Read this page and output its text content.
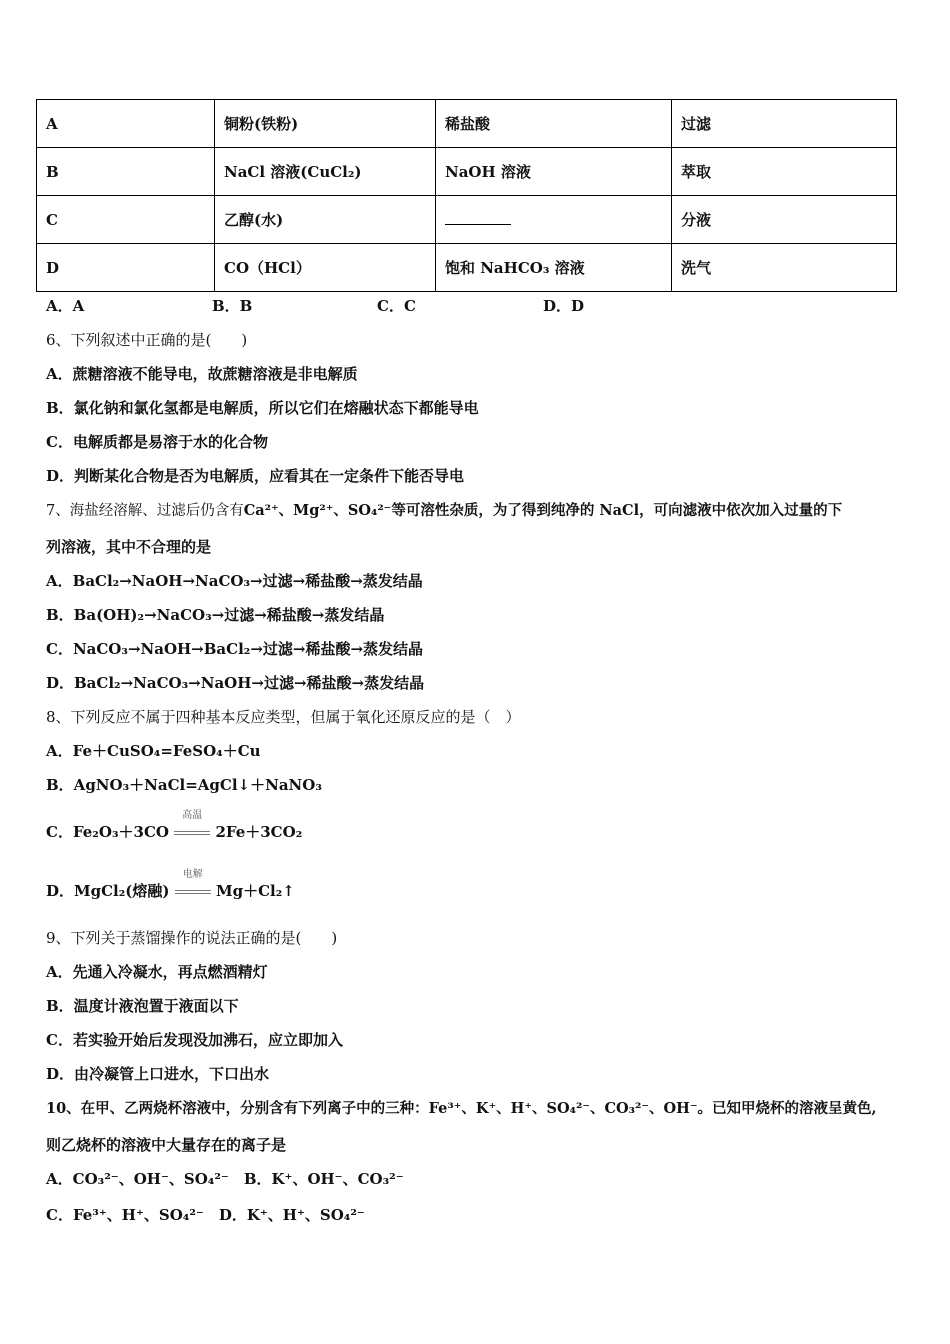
A	铜粉(铁粉)	稀盐酸	过滤
B	NaCl 溶液(CuCl₂)	NaOH 溶液	萃取
C	乙醇(水)		分液
D	CO（HCl）	饱和 NaHCO₃ 溶液	洗气
A．A	B．B	C．C	D．D
6、下列叙述中正确的是(　　)
A．蔗糖溶液不能导电，故蔗糖溶液是非电解质
B．氯化钠和氯化氢都是电解质，所以它们在熔融状态下都能导电
C．电解质都是易溶于水的化合物
D．判断某化合物是否为电解质，应看其在一定条件下能否导电
7、海盐经溶解、过滤后仍含有Ca²⁺、Mg²⁺、SO₄²⁻等可溶性杂质，为了得到纯净的 NaCl，可向滤液中依次加入过量的下
列溶液，其中不合理的是
A．BaCl₂→NaOH→NaCO₃→过滤→稀盐酸→蒸发结晶
B．Ba(OH)₂→NaCO₃→过滤→稀盐酸→蒸发结晶
C．NaCO₃→NaOH→BaCl₂→过滤→稀盐酸→蒸发结晶
D．BaCl₂→NaCO₃→NaOH→过滤→稀盐酸→蒸发结晶
8、下列反应不属于四种基本反应类型，但属于氧化还原反应的是（　）
A．Fe＋CuSO₄=FeSO₄＋Cu
B．AgNO₃＋NaCl=AgCl↓＋NaNO₃
C．Fe₂O₃＋3CO
高温
2Fe＋3CO₂
D．MgCl₂(熔融)
电解
Mg＋Cl₂↑
9、下列关于蒸馏操作的说法正确的是(　　)
A．先通入冷凝水，再点燃酒精灯
B．温度计液泡置于液面以下
C．若实验开始后发现没加沸石，应立即加入
D．由冷凝管上口进水，下口出水
10、在甲、乙两烧杯溶液中，分别含有下列离子中的三种：Fe³⁺、K⁺、H⁺、SO₄²⁻、CO₃²⁻、OH⁻。已知甲烧杯的溶液呈黄色,
则乙烧杯的溶液中大量存在的离子是
A．CO₃²⁻、OH⁻、SO₄²⁻　B．K⁺、OH⁻、CO₃²⁻
C．Fe³⁺、H⁺、SO₄²⁻　D．K⁺、H⁺、SO₄²⁻
